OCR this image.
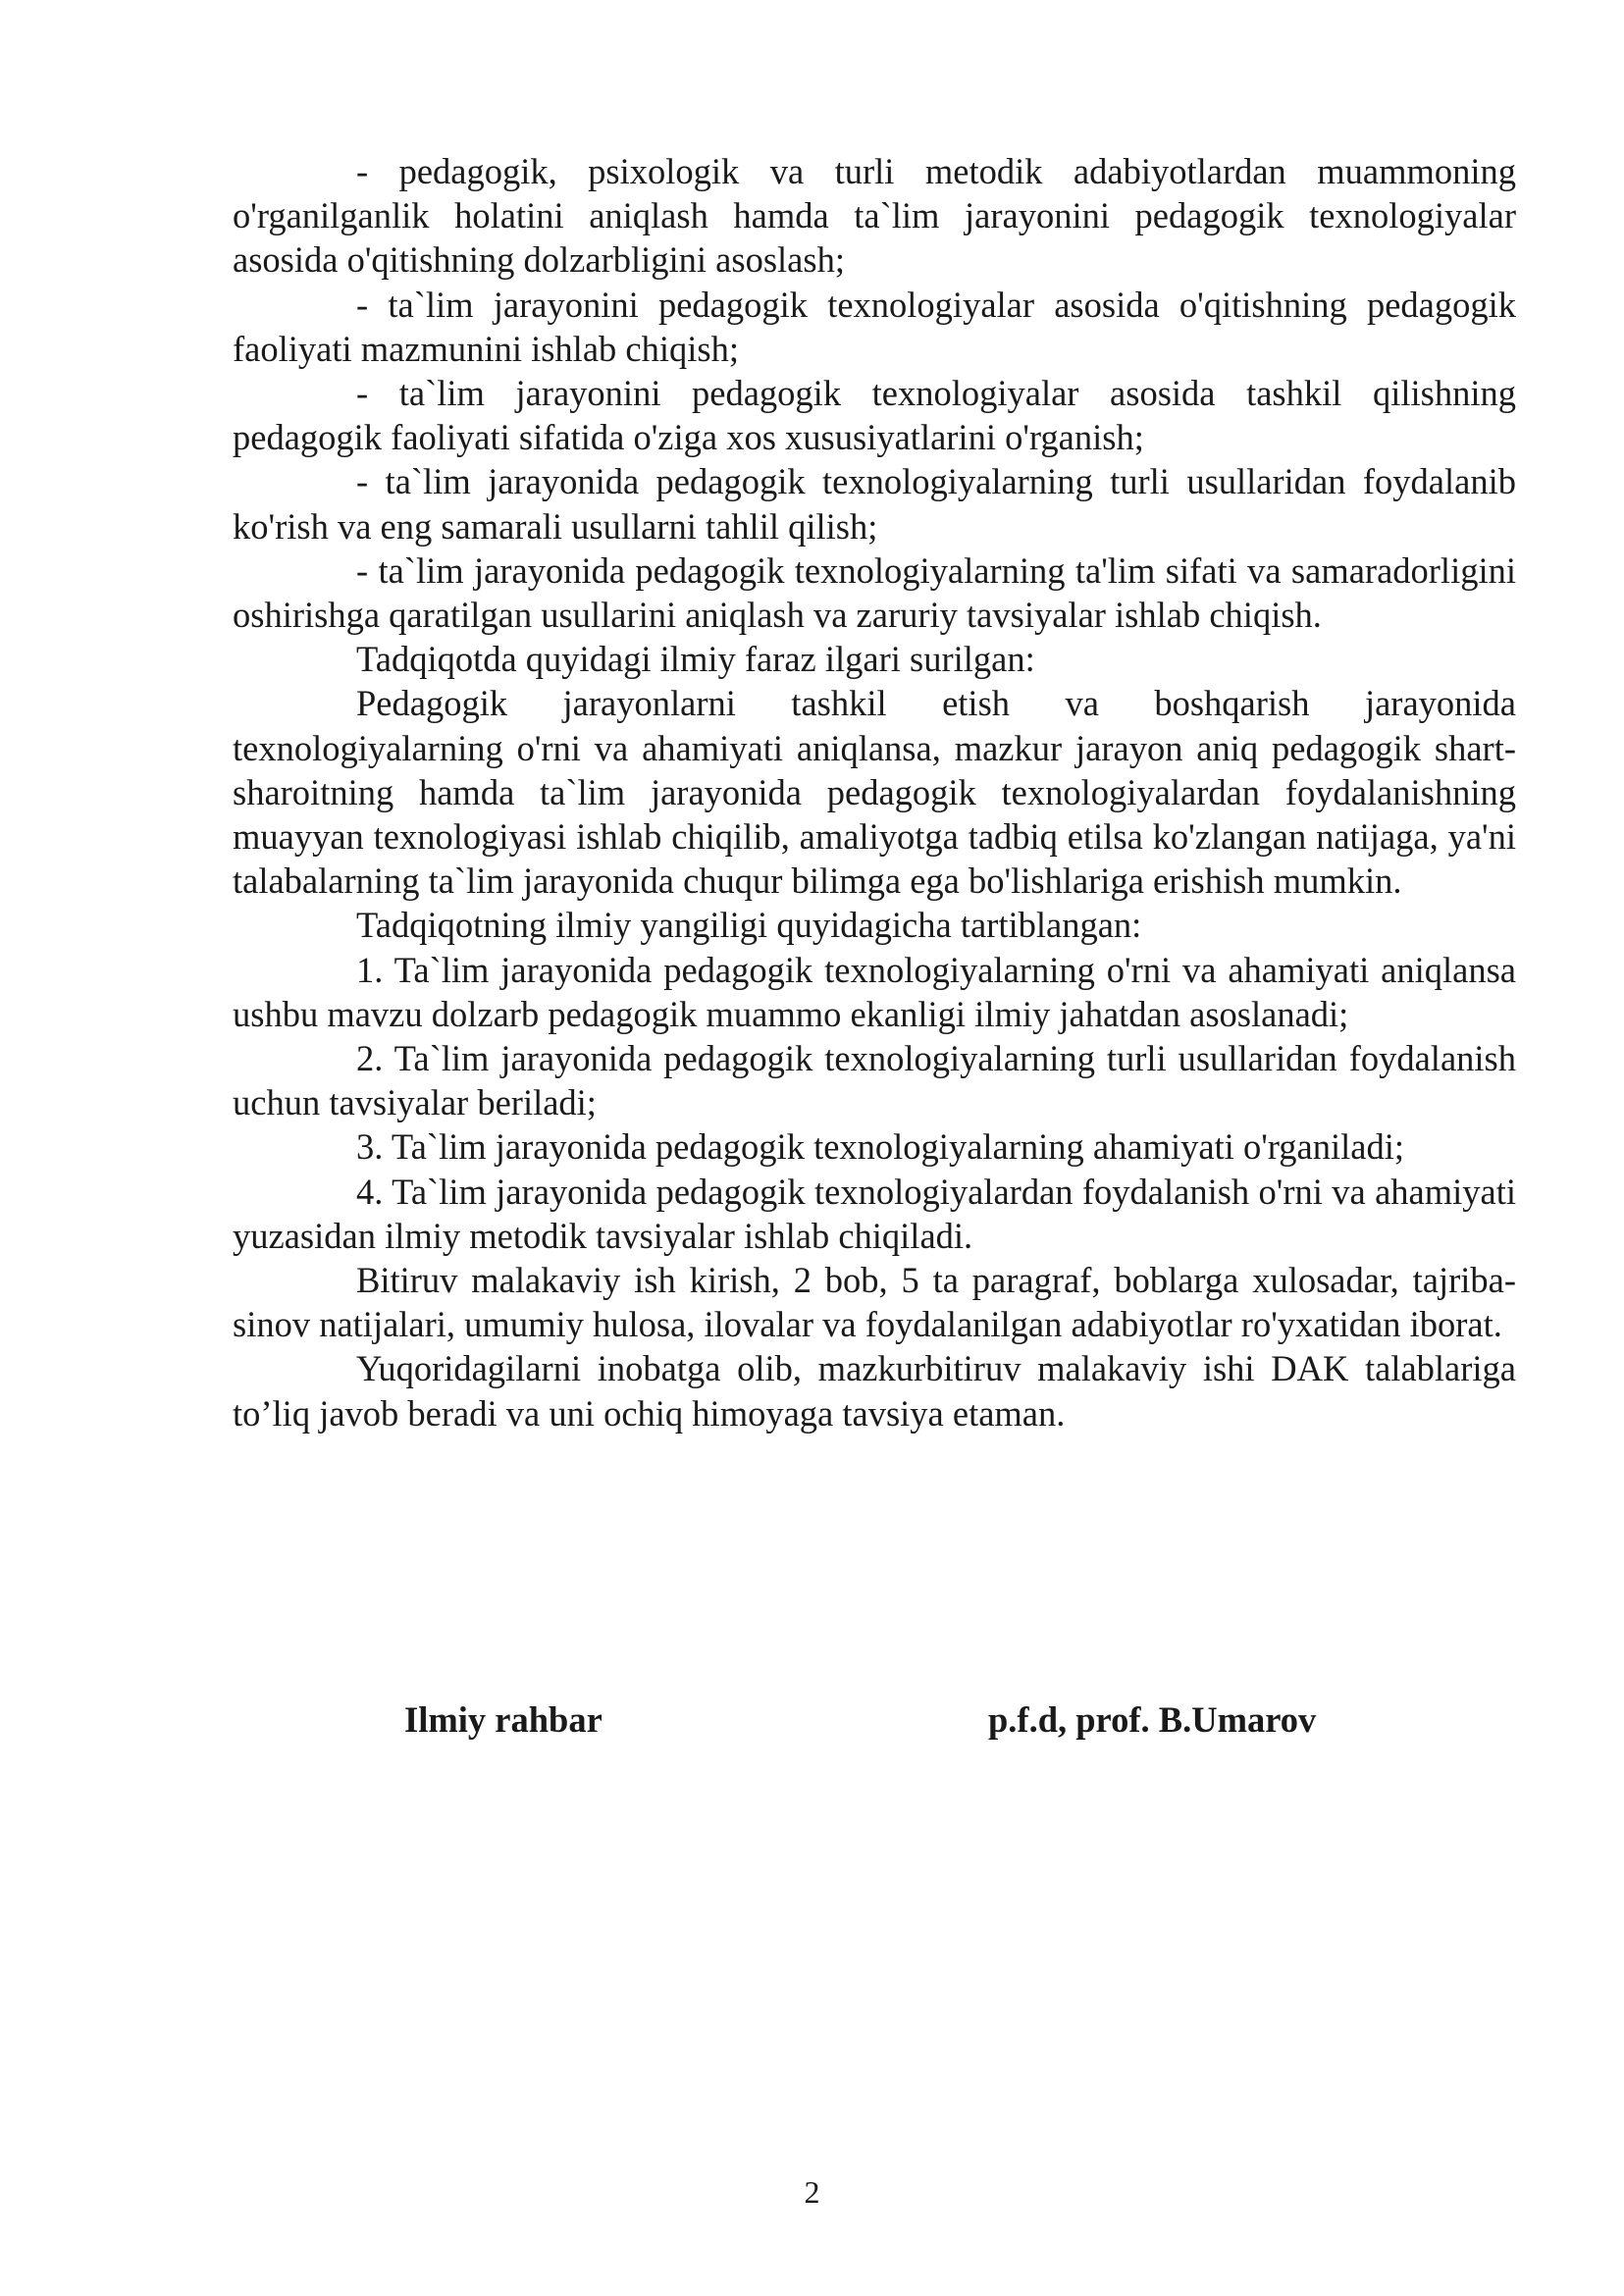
- pedagogik, psixologik va turli metodik adabiyotlardan muammoning o'rganilganlik holatini aniqlash hamda ta`lim jarayonini pedagogik texnologiyalar asosida o'qitishning dolzarbligini asoslash;

- ta`lim jarayonini pedagogik texnologiyalar asosida o'qitishning pedagogik faoliyati mazmunini ishlab chiqish;

- ta`lim jarayonini pedagogik texnologiyalar asosida tashkil qilishning pedagogik faoliyati sifatida o'ziga xos xususiyatlarini o'rganish;

- ta`lim jarayonida pedagogik texnologiyalarning turli usullaridan foydalanib ko'rish va eng samarali usullarni tahlil qilish;

- ta`lim jarayonida pedagogik texnologiyalarning ta'lim sifati va samaradorligini oshirishga qaratilgan usullarini aniqlash va zaruriy tavsiyalar ishlab chiqish.

Tadqiqotda quyidagi ilmiy faraz ilgari surilgan:

Pedagogik jarayonlarni tashkil etish va boshqarish jarayonida texnologiyalarning o'rni va ahamiyati aniqlansa, mazkur jarayon aniq pedagogik shart-sharoitning hamda ta`lim jarayonida pedagogik texnologiyalardan foydalanishning muayyan texnologiyasi ishlab chiqilib, amaliyotga tadbiq etilsa ko'zlangan natijaga, ya'ni talabalarning ta`lim jarayonida chuqur bilimga ega bo'lishlariga erishish mumkin.

Tadqiqotning ilmiy yangiligi quyidagicha tartiblangan:

1. Ta`lim jarayonida pedagogik texnologiyalarning o'rni va ahamiyati aniqlansa ushbu mavzu dolzarb pedagogik muammo ekanligi ilmiy jahatdan asoslanadi;

2. Ta`lim jarayonida pedagogik texnologiyalarning turli usullaridan foydalanish uchun tavsiyalar beriladi;

3. Ta`lim jarayonida pedagogik texnologiyalarning ahamiyati o'rganiladi;

4. Ta`lim jarayonida pedagogik texnologiyalardan foydalanish o'rni va ahamiyati yuzasidan ilmiy metodik tavsiyalar ishlab chiqiladi.

Bitiruv malakaviy ish kirish, 2 bob, 5 ta paragraf, boblarga xulosadar, tajriba-sinov natijalari, umumiy hulosa, ilovalar va foydalanilgan adabiyotlar ro'yxatidan iborat.

Yuqoridagilarni inobatga olib, mazkurbitiruv malakaviy ishi DAK talablariga to’liq javob beradi va uni ochiq himoyaga tavsiya etaman.

Ilmiy rahbar	p.f.d, prof. B.Umarov
2
